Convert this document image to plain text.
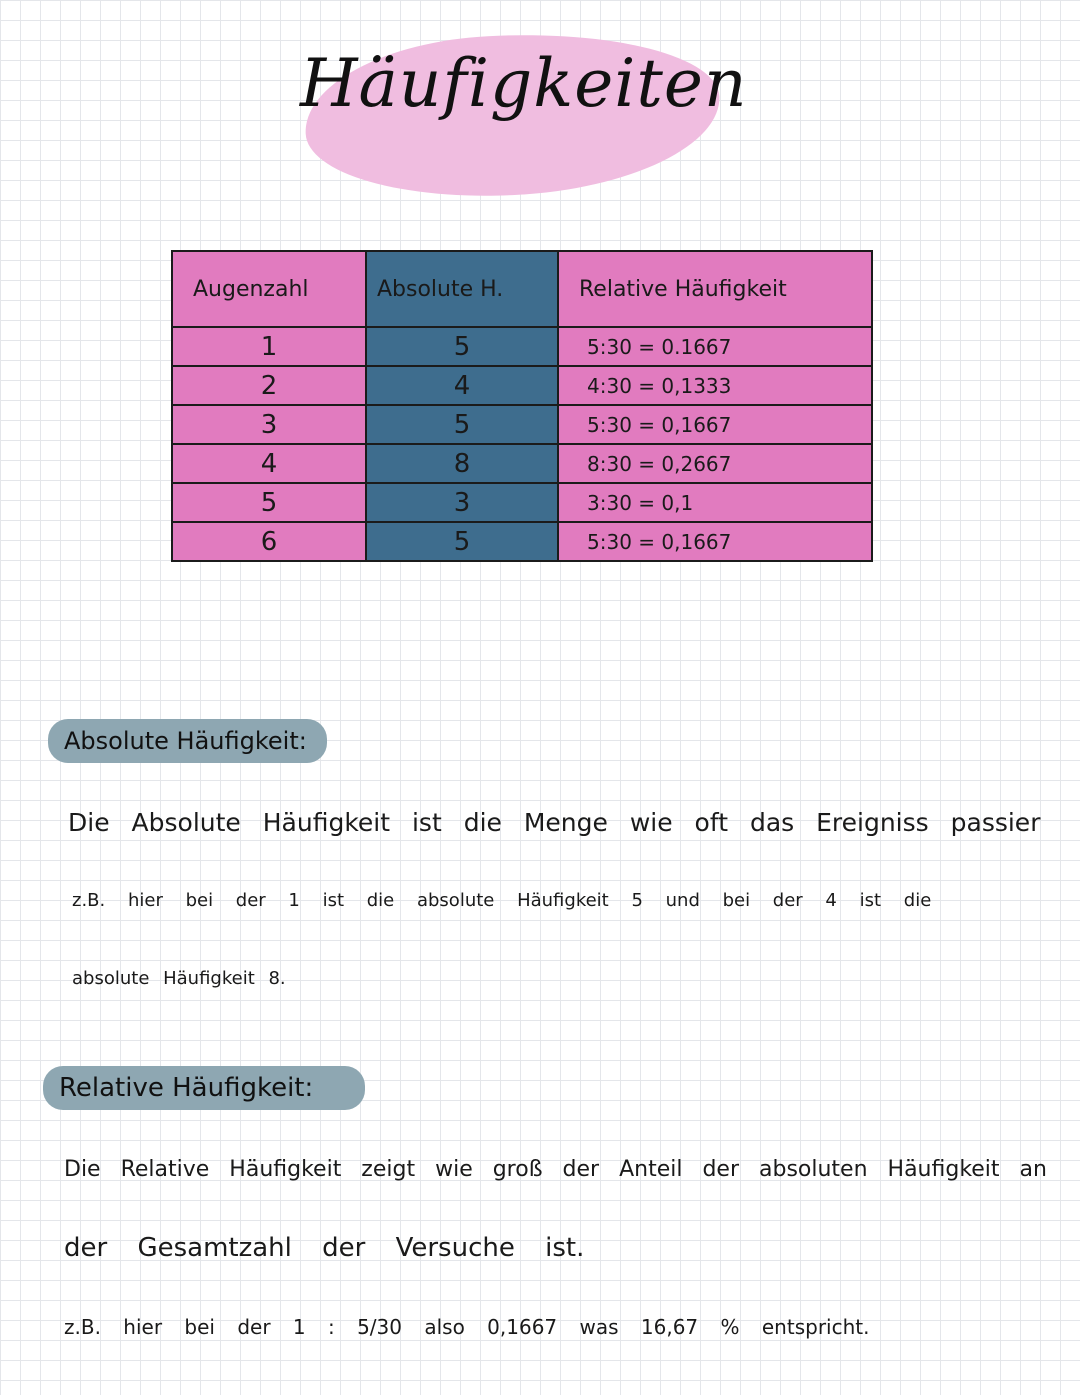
Häufigkeiten
Augenzahl	Absolute H.	Relative Häufigkeit
1	5	5:30 = 0.1667
2	4	4:30 = 0,1333
3	5	5:30 = 0,1667
4	8	8:30 = 0,2667
5	3	3:30 = 0,1
6	5	5:30 = 0,1667
Absolute Häufigkeit:
Die Absolute Häufigkeit ist die Menge wie oft das Ereigniss passier
z.B. hier bei der 1 ist die absolute Häufigkeit 5 und bei der 4 ist die
absolute Häufigkeit 8.
Relative Häufigkeit:
Die Relative Häufigkeit zeigt wie groß der Anteil der absoluten Häufigkeit an
der Gesamtzahl der Versuche ist.
z.B. hier bei der 1 : 5/30 also 0,1667 was 16,67 % entspricht.
